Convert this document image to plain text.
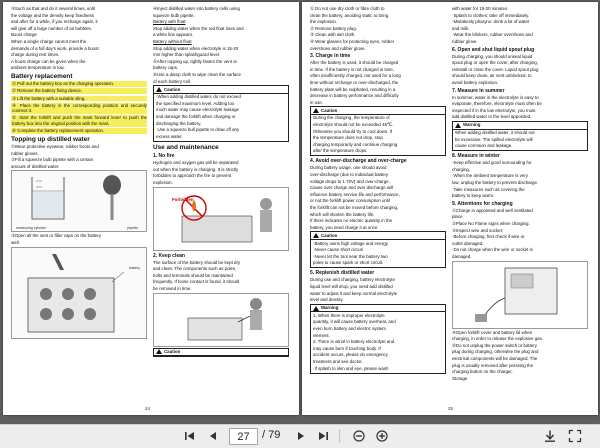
③Such as that and do it several times, until
the voltage and the density keep fixedness
and after for a while, if you recharge again, it
will give off a large number of air bubbles.
Boost charge
When a single charge cannot meet the
demands of a full day's work, provide a boost
charge during rest times.
A boost charge can be given when the
ambient temperature is low.
Battery replacement
① Pull out the battery box as the charging operation.
② Remove the battery fixing device.
③ Lift the battery with a suitable sling.
④ Place the battery in the corresponding position and securely connect it.
⑤ Start the forklift and push the mast forward lever to push the battery box into the original position with the mast.
⑥ Complete the battery replacement operation.
Topping up distilled water
①Wear protective eyewear, rubber boots and
rubber gloves.
②Fill a squeeze bulb pipette with a certain
amount of distilled water.
measuring cylinder	pipette
③Open all the vent or filler caps on the battery
well.
battery
④Inject distilled water into battery cells using
squeeze bulb pipette.
Battery with float
Stop adding water when the red float rises and
a white line appears.
Battery without float
Stop adding water when electrolyte is 15-20
mm higher than splashguard level.
⑤After topping up, tightly fasten the vent or
battery caps.
⑥Use a damp cloth to wipe clean the surface
of each battery cell.
Caution
·When adding distilled water, do not exceed
the specified maximum level. Adding too
much water may cause electrolyte leakage
and damage the forklift when charging or
discharging the battery.
·Use a squeeze bull pipette to draw off any
excess water.
Use and maintenance
1. No fire
Hydrogen and oxygen gas will be separated
out when the battery is charging. It is strictly
forbidden to approach the fire to prevent
explosion.
Forbidden
2. Keep clean
The surface of the battery should be kept dry
and clean. The components such as poles,
bolts and terminals should be maintained
frequently. If loose contact is found, it should
be removed in time.
Caution
24
① Do not use dry cloth or fibre cloth to
clean the battery, avoiding static to bring
the explosion.
② Remove battery plug.
③ Clean with wet cloth.
④ Wear glasses for protecting eyes, rubber
overshoes and rubber glove.
3. Charge in time
After the battery is used, it should be charged
in time. If the battery is not charged in time,
often insufficiently charged, not used for a long
time without recharge or over-discharged, the
battery plate will be sulphated, resulting in a
decrease in battery performance and difficulty
in use.
Caution
During the charging, the temperature of
electrolyte should not be exceeded 45℃.
Otherwise you should try to cool down. If
the temperature does not drop, stop
charging temporarily and continue charging
after the temperature drops.
4. Avoid over-discharge and over-charge
During battery usage, one should avoid
over-discharge (due to individual battery
voltage drops to 1.70V) and over-charge.
Cause over charge and over discharge will
influence battery service life and performance,
or not the forklift power consumption until
the forklift can not be moved before charging,
which will shorten the battery life.
If there indicates no electric quantity in the
battery, you need charge it at once.
Caution
·Battery owns high voltage and energy
·Never cause short circuit
·Never let the tool near the battery two
poles to cause spark or short circuit.
5. Replenish distilled water
During use and charging, battery electrolyte
liquid level will drop, you need add distilled
water to adjust it and keep normal electrolyte
level and density.
Warning
1. When there is improper electrolyte
quantity, it will cause battery overheat, and
even burn battery and electric system
element.
2. There is vitriol in battery electrolyte and
may cause burn if touching body. If
accident occurs, please do emergency
treatment and see doctor.
·If splash to skin and eye, please wash
with water for 15-20 minutes.
·Splash to clothes: take off immediately.
·Mistakenly pharynx: drink a lot of water
and milk.
·Wear the blinkers, rubber overshoes and
rubber glove.
6. Open and shut liquid spout plug
During charging, you should unseal liquid
spout plug or open the cover, after charging,
reinstall or close the cover. Liquid spout plug
should keep clean, air vent unblocked, to
avoid battery explosion.
7. Measure in summer
In summer, water in the electrolyte is easy to
evaporate, therefore, electrolyte must often be
inspected if in the low electrolyte, you must
add distilled water to the level appointed.
Warning
When adding distilled water, it should not
be excessive. The spilled electrolyte will
cause corrosion and leakage.
8. Measure in winter
·Keep effective and good surrounding for
charging.
·When the ambient temperature is very
low, unplug the battery to prevent discharge.
·Take measures such as covering the
battery to keep warm.
9. Attentions for charging
①Charge in appointed and well ventilated
place.
②Place No Flame signs when charging.
③Inspect wire and socket:
·Before charging, first check if wire or
outlet damaged.
·Do not charge when the wire or socket is
damaged.
④Open forklift cover and battery lid when
charging, in order to release the explosive gas.
⑤Do not unplug the power switch or battery
plug during charging, otherwise the plug and
electrical components will be damaged. The
plug is usually removed after pressing the
charging button on the charger.
Storage
25
27	/ 79
